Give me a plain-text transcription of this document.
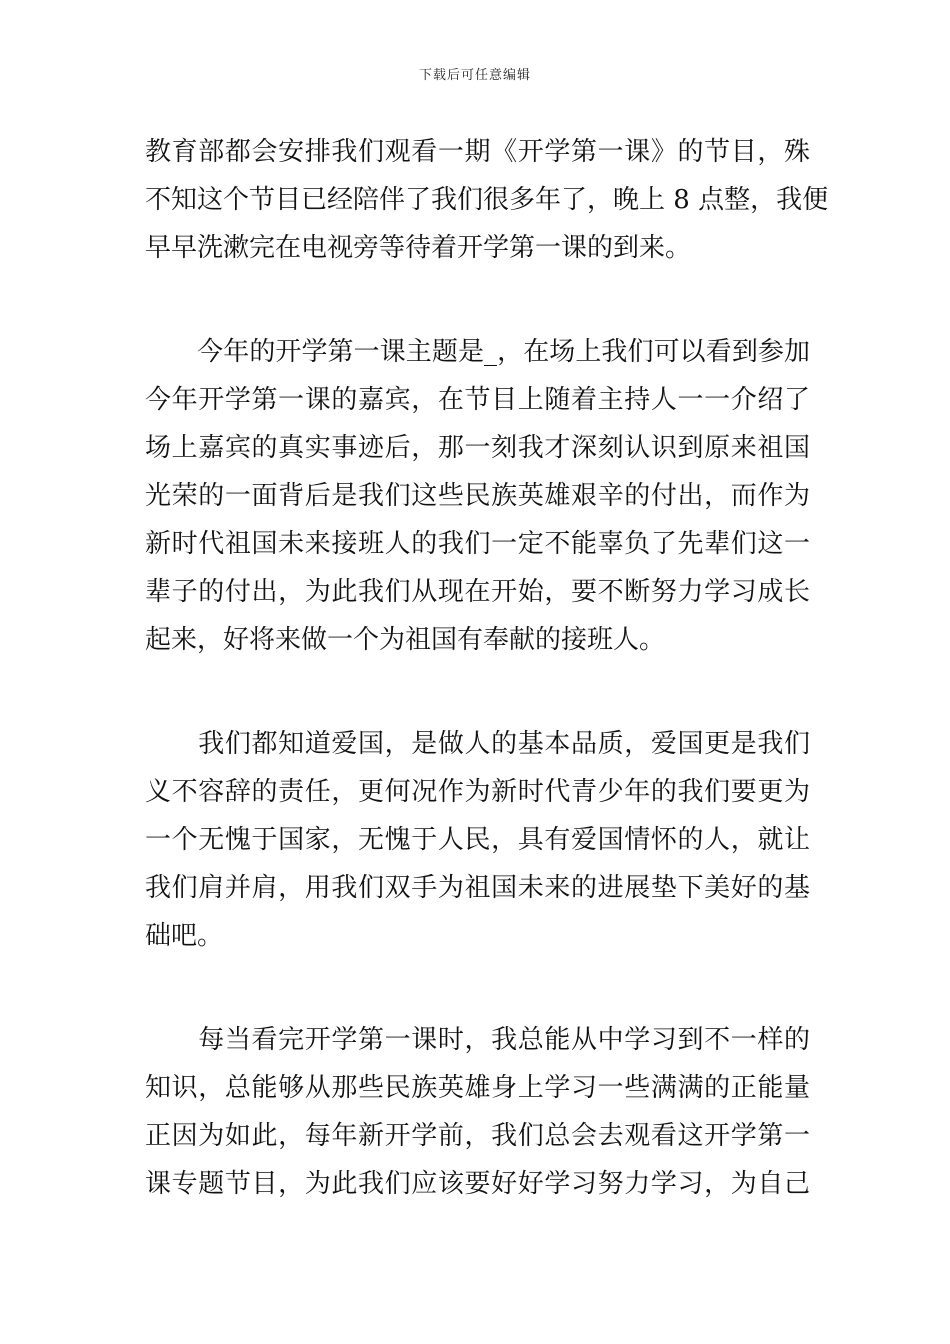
下载后可任意编辑
教育部都会安排我们观看一期《开学第一课》的节目，殊
不知这个节目已经陪伴了我们很多年了，晚上 8 点整，我便
早早洗漱完在电视旁等待着开学第一课的到来。
　　今年的开学第一课主题是_，在场上我们可以看到参加
今年开学第一课的嘉宾，在节目上随着主持人一一介绍了
场上嘉宾的真实事迹后，那一刻我才深刻认识到原来祖国
光荣的一面背后是我们这些民族英雄艰辛的付出，而作为
新时代祖国未来接班人的我们一定不能辜负了先辈们这一
辈子的付出，为此我们从现在开始，要不断努力学习成长
起来，好将来做一个为祖国有奉献的接班人。
　　我们都知道爱国，是做人的基本品质，爱国更是我们
义不容辞的责任，更何况作为新时代青少年的我们要更为
一个无愧于国家，无愧于人民，具有爱国情怀的人，就让
我们肩并肩，用我们双手为祖国未来的进展垫下美好的基
础吧。
　　每当看完开学第一课时，我总能从中学习到不一样的
知识，总能够从那些民族英雄身上学习一些满满的正能量
正因为如此，每年新开学前，我们总会去观看这开学第一
课专题节目，为此我们应该要好好学习努力学习，为自己
